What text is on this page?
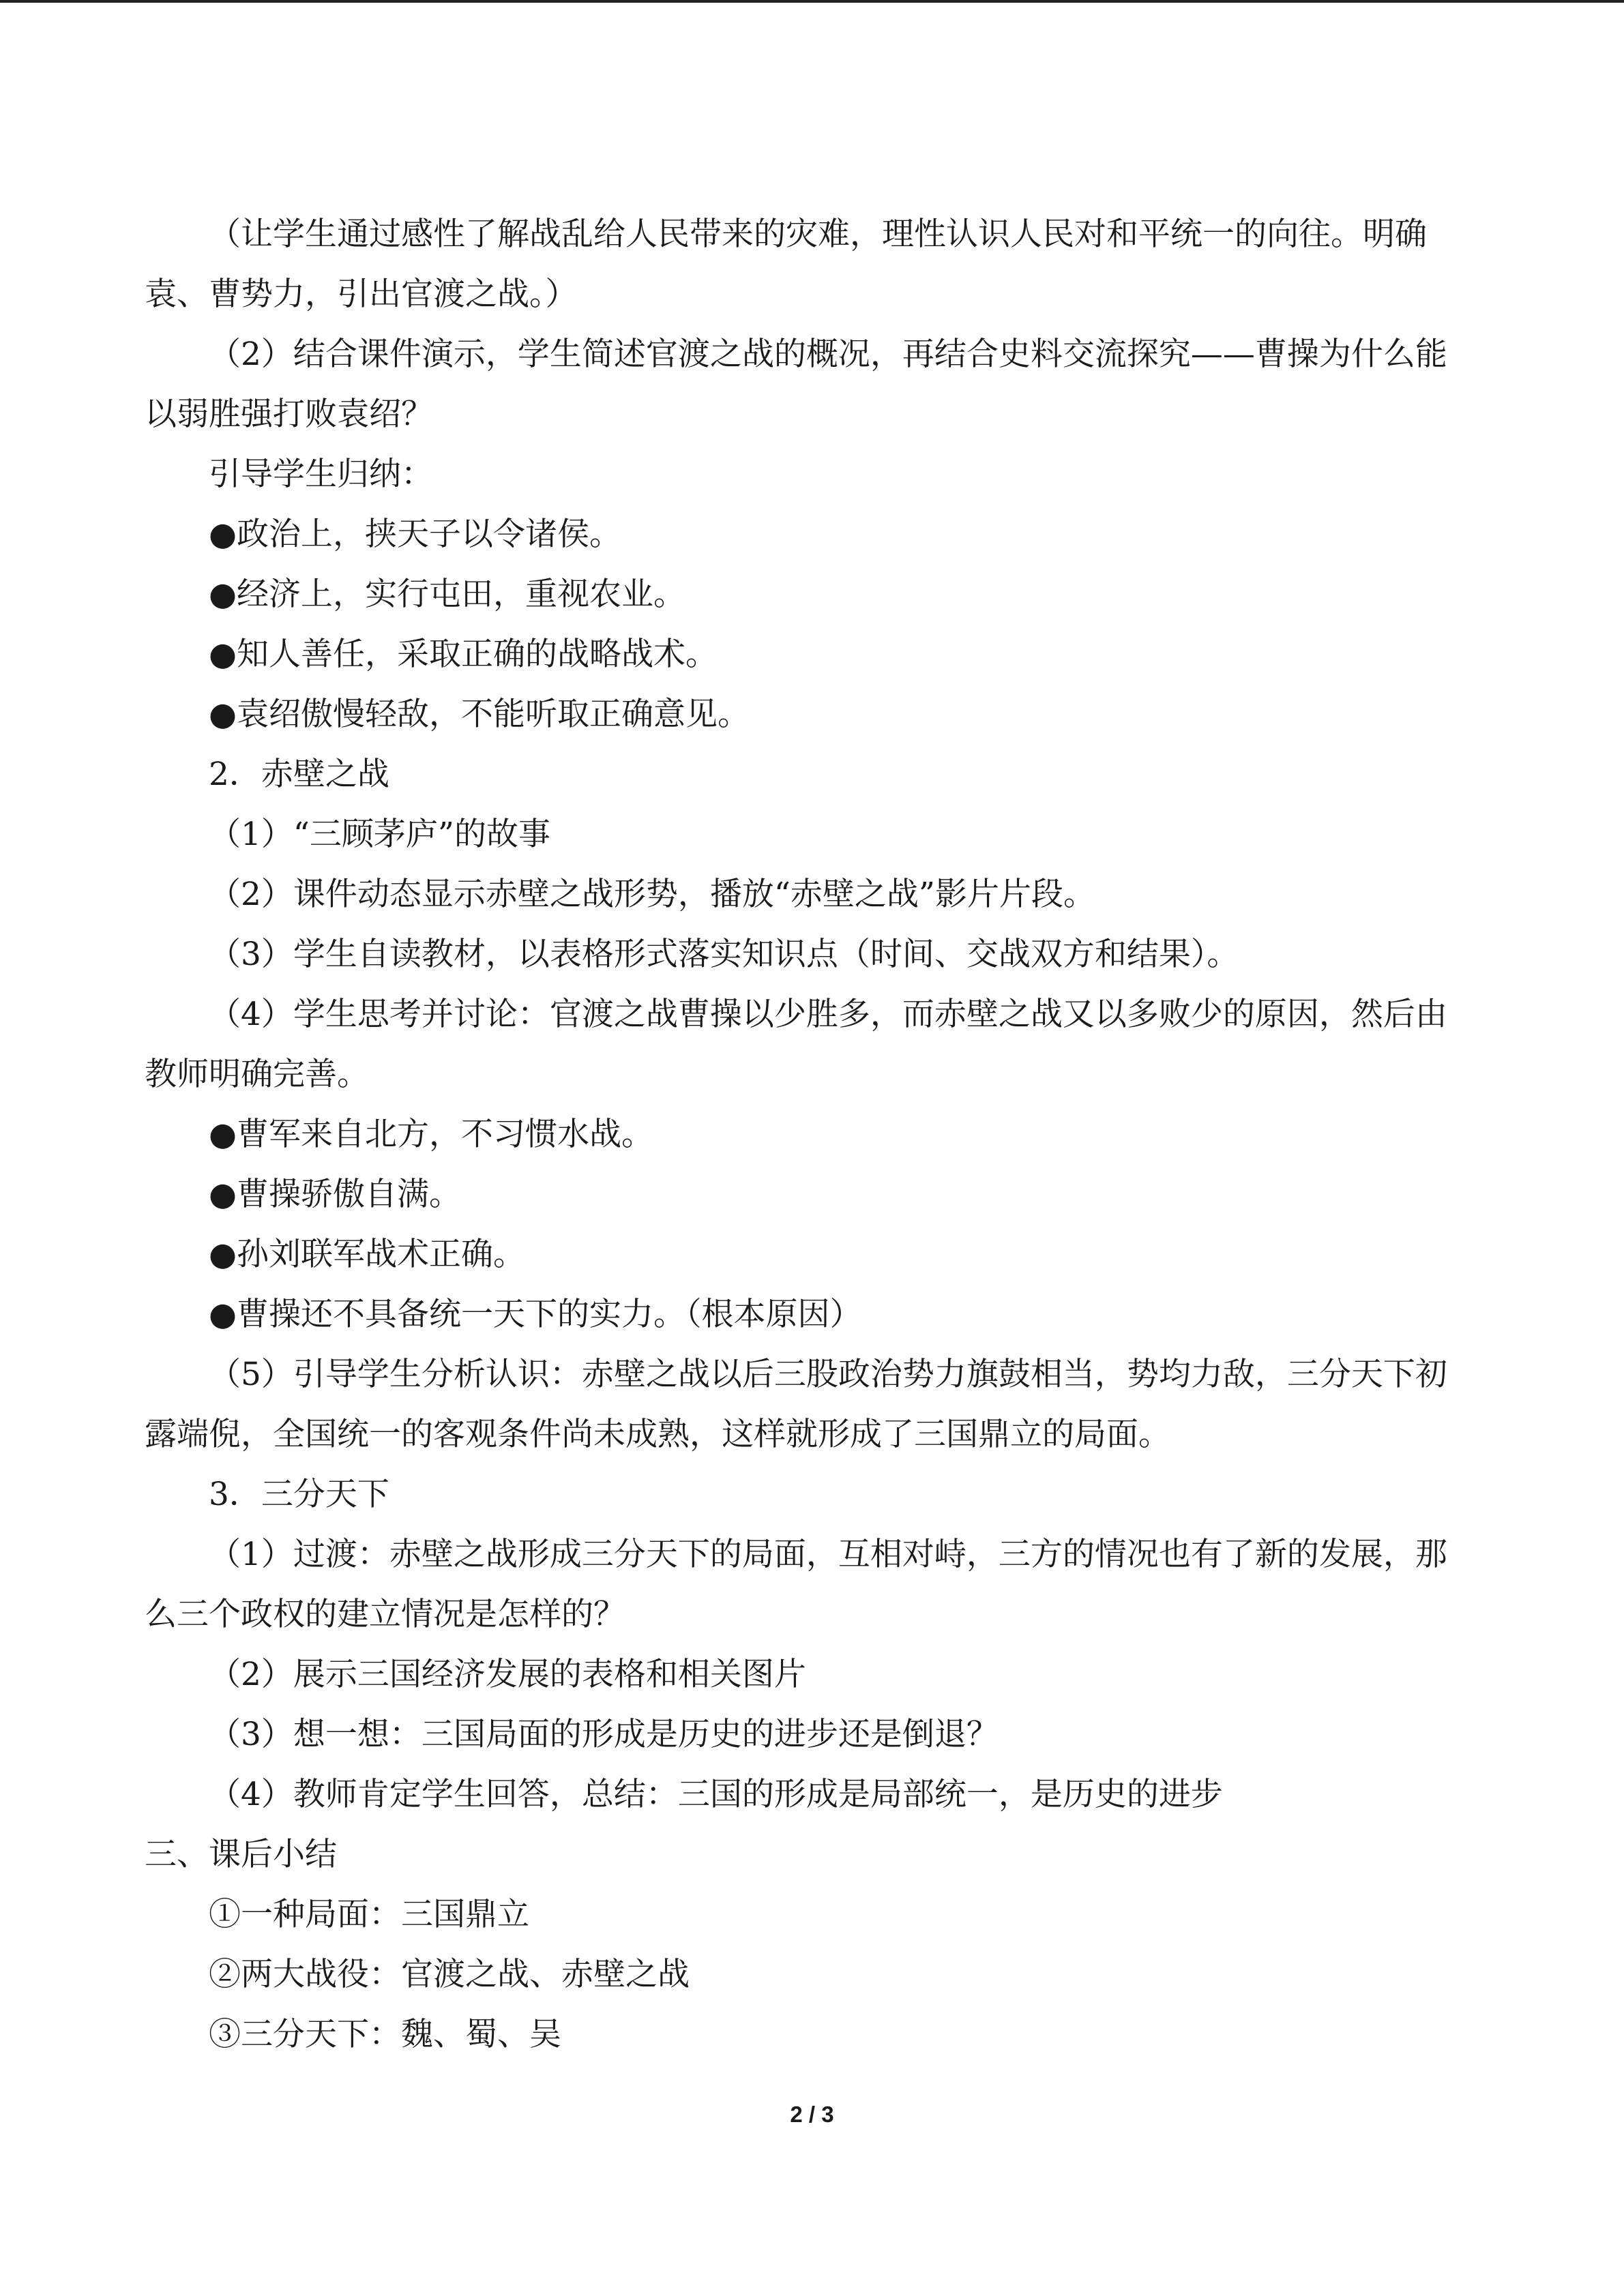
（让学生通过感性了解战乱给人民带来的灾难，理性认识人民对和平统一的向往。明确
袁、曹势力，引出官渡之战。）
（2）结合课件演示，学生简述官渡之战的概况，再结合史料交流探究——曹操为什么能
以弱胜强打败袁绍？
引导学生归纳：
●政治上，挟天子以令诸侯。
●经济上，实行屯田，重视农业。
●知人善任，采取正确的战略战术。
●袁绍傲慢轻敌，不能听取正确意见。
2．赤壁之战
（1）“三顾茅庐”的故事
（2）课件动态显示赤壁之战形势，播放“赤壁之战”影片片段。
（3）学生自读教材，以表格形式落实知识点（时间、交战双方和结果）。
（4）学生思考并讨论：官渡之战曹操以少胜多，而赤壁之战又以多败少的原因，然后由
教师明确完善。
●曹军来自北方，不习惯水战。
●曹操骄傲自满。
●孙刘联军战术正确。
●曹操还不具备统一天下的实力。（根本原因）
（5）引导学生分析认识：赤壁之战以后三股政治势力旗鼓相当，势均力敌，三分天下初
露端倪，全国统一的客观条件尚未成熟，这样就形成了三国鼎立的局面。
3．三分天下
（1）过渡：赤壁之战形成三分天下的局面，互相对峙，三方的情况也有了新的发展，那
么三个政权的建立情况是怎样的？
（2）展示三国经济发展的表格和相关图片
（3）想一想：三国局面的形成是历史的进步还是倒退？
（4）教师肯定学生回答，总结：三国的形成是局部统一，是历史的进步
三、课后小结
①一种局面：三国鼎立
②两大战役：官渡之战、赤壁之战
③三分天下：魏、蜀、吴
2 / 3
